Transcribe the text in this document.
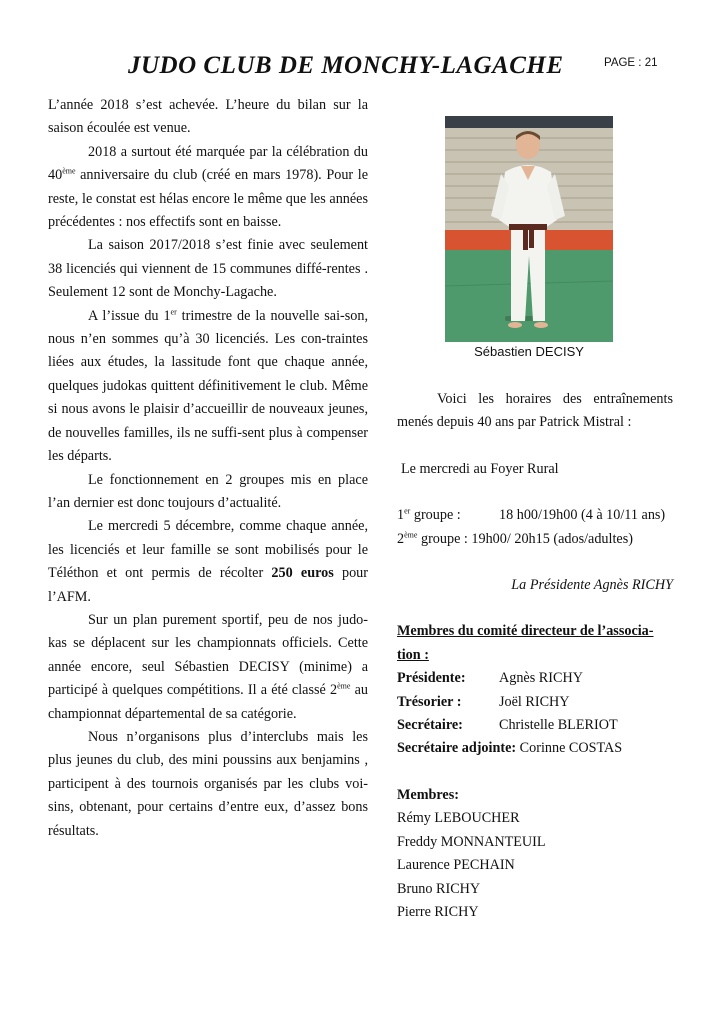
JUDO CLUB DE MONCHY-LAGACHE	PAGE : 21

L’année 2018 s’est achevée. L’heure du bilan sur la saison écoulée est venue.

2018 a surtout été marquée par la célébration du 40ème anniversaire du club (créé en mars 1978). Pour le reste, le constat est hélas encore le même que les années précédentes : nos effectifs sont en baisse.

La saison 2017/2018 s’est finie avec seulement 38 licenciés qui viennent de 15 communes diffé-rentes . Seulement 12 sont de Monchy-Lagache.

A l’issue du 1er trimestre de la nouvelle sai-son, nous n’en sommes qu’à 30 licenciés. Les con-traintes liées aux études, la lassitude font que chaque année, quelques judokas quittent définitivement le club. Même si nous avons le plaisir d’accueillir de nouveaux jeunes, de nouvelles familles, ils ne suffi-sent plus à compenser les départs.

Le fonctionnement en 2 groupes mis en place l’an dernier est donc toujours d’actualité.

Le mercredi 5 décembre, comme chaque année, les licenciés et leur famille se sont mobilisés pour le Téléthon et ont permis de récolter 250 euros pour l’AFM.

Sur un plan purement sportif, peu de nos judo-kas se déplacent sur les championnats officiels. Cette année encore, seul Sébastien DECISY (minime) a participé à quelques compétitions. Il a été classé 2ème au championnat départemental de sa catégorie.

Nous n’organisons plus d’interclubs mais les plus jeunes du club, des mini poussins aux benjamins , participent à des tournois organisés par les clubs voi-sins, obtenant, pour certains d’entre eux, d’assez bons résultats.

Sébastien DECISY

Voici les horaires des entraînements menés depuis 40 ans par Patrick Mistral :

Le mercredi au Foyer Rural

1er groupe :	18 h00/19h00 (4 à 10/11 ans)

2ème groupe : 19h00/ 20h15 (ados/adultes)

La Présidente Agnès RICHY

Membres du comité directeur de l’associa-tion :

Présidente:	Agnès RICHY
Trésorier :	Joël RICHY
Secrétaire:	Christelle BLERIOT

Secrétaire adjointe: Corinne COSTAS

Membres:

Rémy LEBOUCHER

Freddy MONNANTEUIL

Laurence PECHAIN

Bruno RICHY

Pierre RICHY
